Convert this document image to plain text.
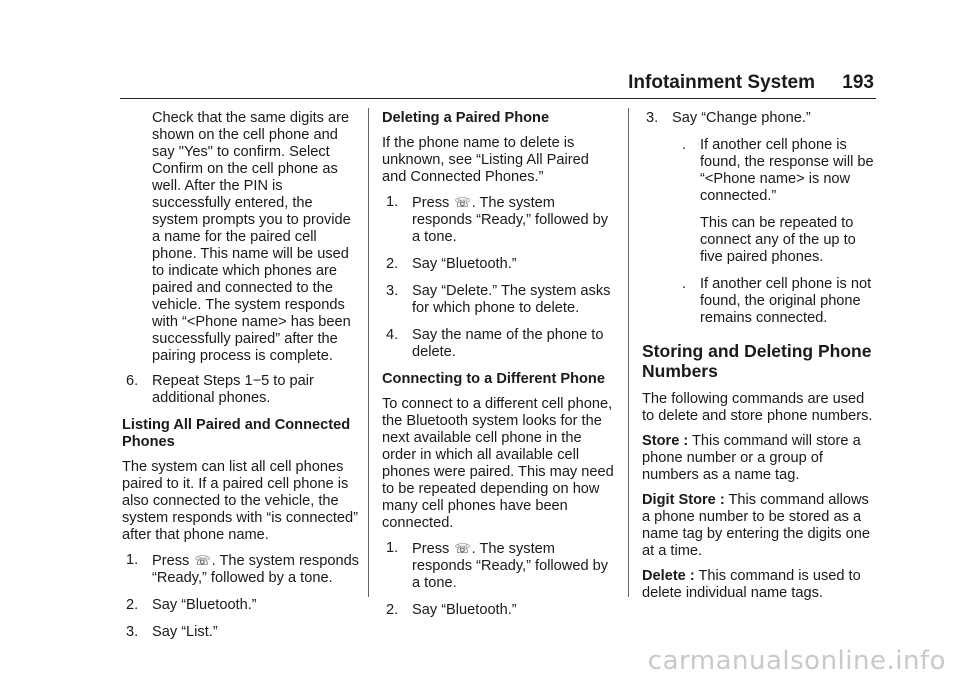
Infotainment System 193

Check that the same digits are shown on the cell phone and say "Yes" to confirm. Select Confirm on the cell phone as well. After the PIN is successfully entered, the system prompts you to provide a name for the paired cell phone. This name will be used to indicate which phones are paired and connected to the vehicle. The system responds with “<Phone name> has been successfully paired” after the pairing process is complete.

6. Repeat Steps 1−5 to pair additional phones.

Listing All Paired and Connected Phones

The system can list all cell phones paired to it. If a paired cell phone is also connected to the vehicle, the system responds with “is connected” after that phone name.

1. Press ☏. The system responds “Ready,” followed by a tone.
2. Say “Bluetooth.”
3. Say “List.”

Deleting a Paired Phone

If the phone name to delete is unknown, see “Listing All Paired and Connected Phones.”

1. Press ☏. The system responds “Ready,” followed by a tone.
2. Say “Bluetooth.”
3. Say “Delete.” The system asks for which phone to delete.
4. Say the name of the phone to delete.

Connecting to a Different Phone

To connect to a different cell phone, the Bluetooth system looks for the next available cell phone in the order in which all available cell phones were paired. This may need to be repeated depending on how many cell phones have been connected.

1. Press ☏. The system responds “Ready,” followed by a tone.
2. Say “Bluetooth.”
3. Say “Change phone.”
. If another cell phone is found, the response will be “<Phone name> is now connected.”

This can be repeated to connect any of the up to five paired phones.

. If another cell phone is not found, the original phone remains connected.
Storing and Deleting Phone Numbers

The following commands are used to delete and store phone numbers.

Store : This command will store a phone number or a group of numbers as a name tag.

Digit Store : This command allows a phone number to be stored as a name tag by entering the digits one at a time.

Delete : This command is used to delete individual name tags.

carmanualsonline.info
